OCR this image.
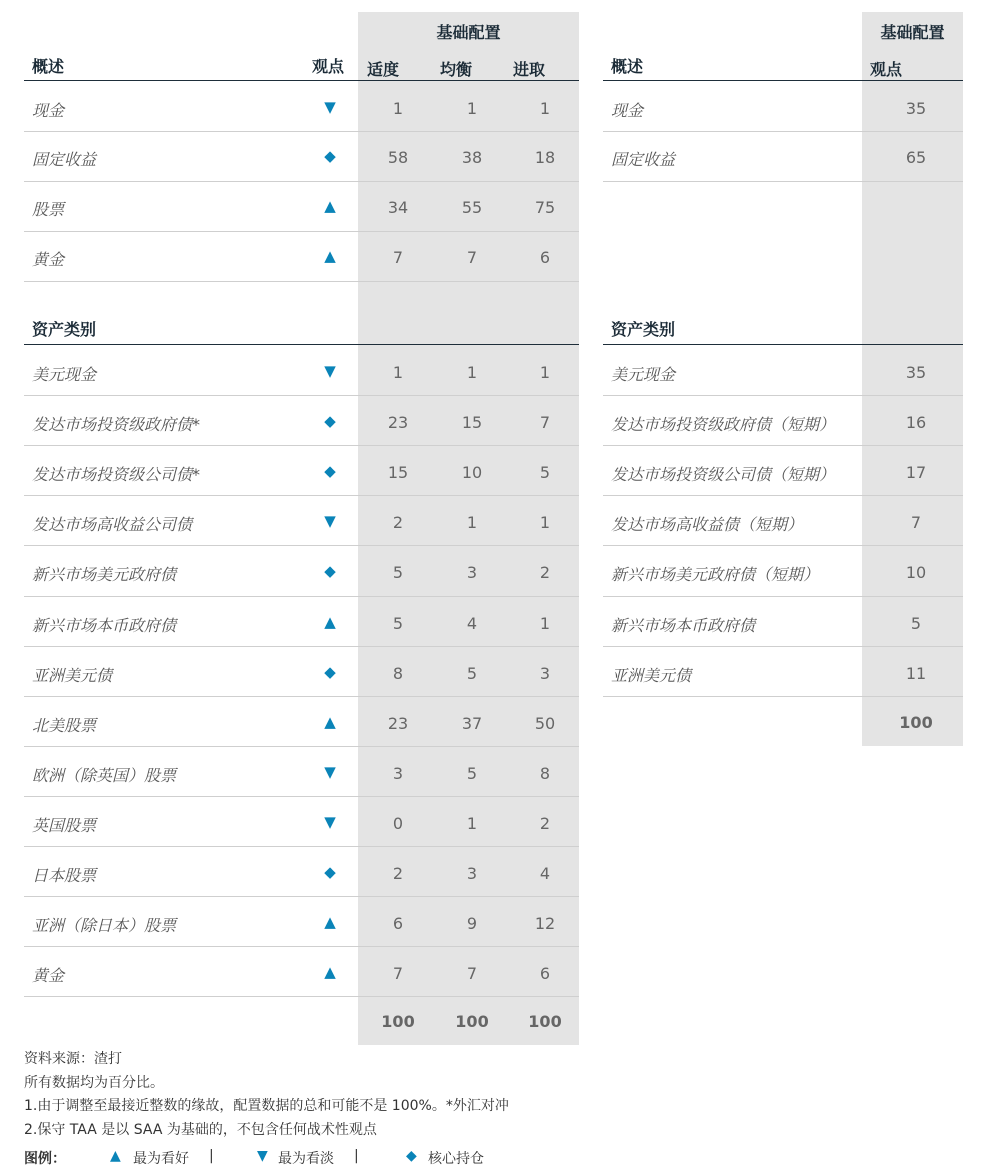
基础配置
概述	观点 适度	均衡	进取
基础配置
概述	观点
现金	▼	1	1	1
固定收益	◆	58	38	18
股票	▲	34	55	75
黄金	▲	7	7	6
现金	35
固定收益	65
资产类别	资产类别
美元现金	▼	1	1	1
发达市场投资级政府债*	◆	23	15	7
发达市场投资级公司债*	◆	15	10	5
发达市场高收益公司债	▼	2	1	1
新兴市场美元政府债	◆	5	3	2
新兴市场本币政府债	▲	5	4	1
亚洲美元债	◆	8	5	3
北美股票	▲	23	37	50
欧洲（除英国）股票	▼	3	5	8
英国股票	▼	0	1	2
日本股票	◆	2	3	4
亚洲（除日本）股票	▲	6	9	12
黄金	▲	7	7	6
美元现金	35
发达市场投资级政府债（短期）	16
发达市场投资级公司债（短期）	17
发达市场高收益债（短期）	7
新兴市场美元政府债（短期）	10
新兴市场本币政府债	5
亚洲美元债	11
100	100	100
100
资料来源：渣打
所有数据均为百分比。
1.由于调整至最接近整数的缘故，配置数据的总和可能不是 100%。*外汇对冲
2.保守 TAA 是以 SAA 为基础的，不包含任何战术性观点
图例：	▲ 最为看好 |	▼ 最为看淡 |	◆ 核心持仓
